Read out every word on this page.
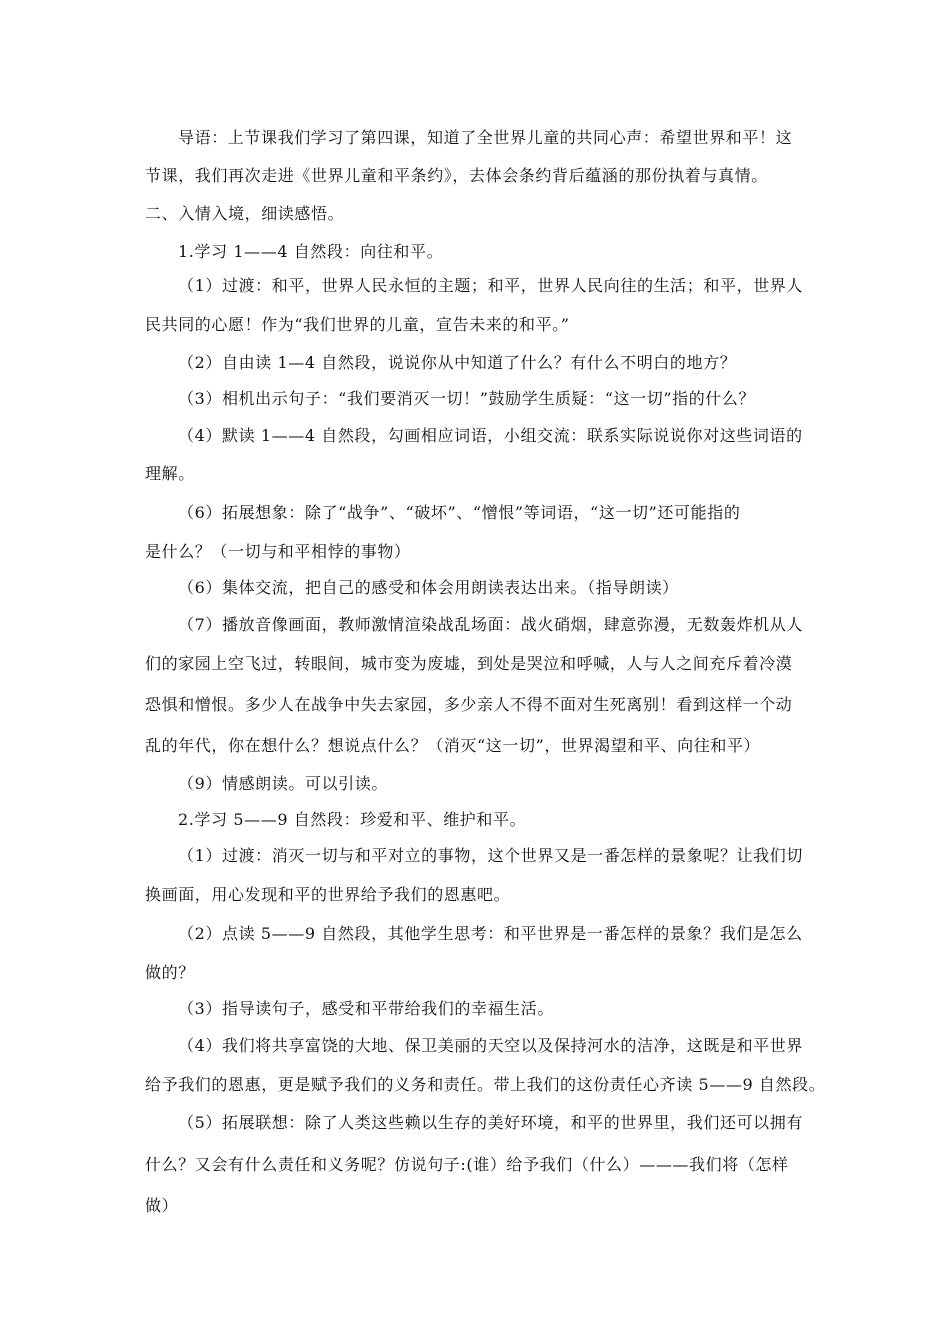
导语：上节课我们学习了第四课，知道了全世界儿童的共同心声：希望世界和平！这
节课，我们再次走进《世界儿童和平条约》，去体会条约背后蕴涵的那份执着与真情。
二、入情入境，细读感悟。
1.学习 1——4 自然段：向往和平。
（1）过渡：和平，世界人民永恒的主题；和平，世界人民向往的生活；和平，世界人
民共同的心愿！作为“我们世界的儿童，宣告未来的和平。”
（2）自由读 1—4 自然段，说说你从中知道了什么？有什么不明白的地方？
（3）相机出示句子：“我们要消灭一切！”鼓励学生质疑：“这一切”指的什么？
（4）默读 1——4 自然段，勾画相应词语，小组交流：联系实际说说你对这些词语的
理解。
（6）拓展想象：除了“战争”、“破坏”、“憎恨”等词语，“这一切”还可能指的
是什么？（一切与和平相悖的事物）
（6）集体交流，把自己的感受和体会用朗读表达出来。（指导朗读）
（7）播放音像画面，教师激情渲染战乱场面：战火硝烟，肆意弥漫，无数轰炸机从人
们的家园上空飞过，转眼间，城市变为废墟，到处是哭泣和呼喊，人与人之间充斥着冷漠
恐惧和憎恨。多少人在战争中失去家园，多少亲人不得不面对生死离别！看到这样一个动
乱的年代，你在想什么？想说点什么？（消灭“这一切”，世界渴望和平、向往和平）
（9）情感朗读。可以引读。
2.学习 5——9 自然段：珍爱和平、维护和平。
（1）过渡：消灭一切与和平对立的事物，这个世界又是一番怎样的景象呢？让我们切
换画面，用心发现和平的世界给予我们的恩惠吧。
（2）点读 5——9 自然段，其他学生思考：和平世界是一番怎样的景象？我们是怎么
做的？
（3）指导读句子，感受和平带给我们的幸福生活。
（4）我们将共享富饶的大地、保卫美丽的天空以及保持河水的洁净，这既是和平世界
给予我们的恩惠，更是赋予我们的义务和责任。带上我们的这份责任心齐读 5——9 自然段。
（5）拓展联想：除了人类这些赖以生存的美好环境，和平的世界里，我们还可以拥有
什么？又会有什么责任和义务呢？仿说句子:(谁）给予我们（什么）———我们将（怎样
做）
